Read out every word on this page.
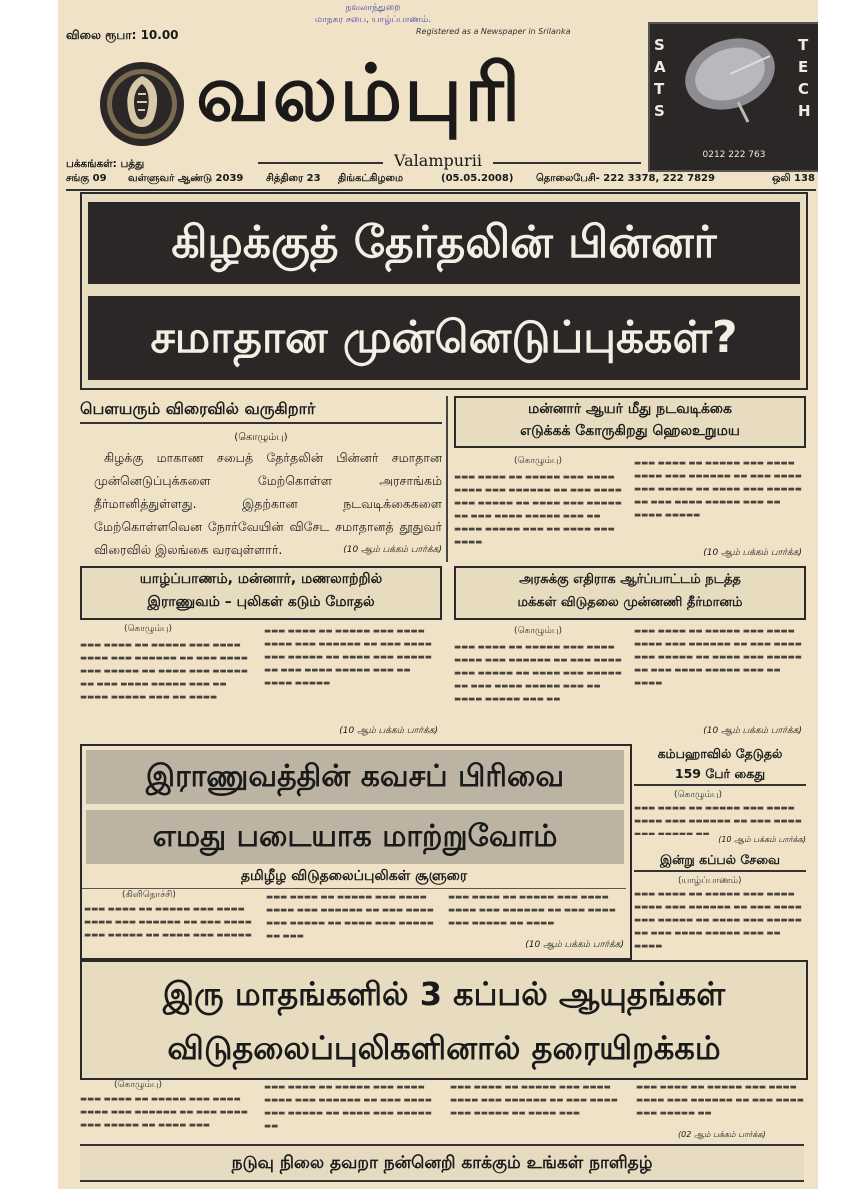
விலை ரூபா: 10.00
நவலாந்துறை
மாநகர சபை, யாழ்ப்பாணம்.
Registered as a Newspaper in Srilanka
வலம்புரி
Valampurii
பக்கங்கள்: பத்து
SATS
TECH
0212 222 763
சங்கு 09 வள்ளுவர் ஆண்டு 2039 சித்திரை 23 திங்கட்கிழமை	(05.05.2008) தொலைபேசி- 222 3378, 222 7829	ஒலி 138
கிழக்குத் தேர்தலின் பின்னர்
சமாதான முன்னெடுப்புக்கள்?
பெளயரும் விரைவில் வருகிறார்
(கொழும்பு)
கிழக்கு மாகாண சபைத் தேர்தலின் பின்னர் சமாதான முன்னெடுப்புக்களை மேற்கொள்ள அரசாங்கம் தீர்மானித்துள்ளது. இதற்கான நடவடிக்கைகளை மேற்கொள்ளவென நோர்வேயின் விசேட சமாதானத் தூதுவர் விரைவில் இலங்கை வரவுள்ளார்.	(10 ஆம் பக்கம் பார்க்க)
மன்னார் ஆயர் மீது நடவடிக்கை
எடுக்கக் கோருகிறது ஹெலஉறுமய
(கொழும்பு)
▬▬▬ ▬▬▬▬ ▬▬ ▬▬▬▬▬ ▬▬▬ ▬▬▬▬ ▬▬▬▬ ▬▬▬ ▬▬▬▬▬▬ ▬▬ ▬▬▬ ▬▬▬▬ ▬▬▬ ▬▬▬▬▬ ▬▬ ▬▬▬▬ ▬▬▬ ▬▬▬▬▬ ▬▬ ▬▬▬ ▬▬▬▬ ▬▬▬▬▬ ▬▬▬ ▬▬ ▬▬▬▬ ▬▬▬▬▬ ▬▬▬ ▬▬ ▬▬▬▬ ▬▬▬ ▬▬▬▬
▬▬▬ ▬▬▬▬ ▬▬ ▬▬▬▬▬ ▬▬▬ ▬▬▬▬ ▬▬▬▬ ▬▬▬ ▬▬▬▬▬▬ ▬▬ ▬▬▬ ▬▬▬▬ ▬▬▬ ▬▬▬▬▬ ▬▬ ▬▬▬▬ ▬▬▬ ▬▬▬▬▬ ▬▬ ▬▬▬ ▬▬▬▬ ▬▬▬▬▬ ▬▬▬ ▬▬ ▬▬▬▬ ▬▬▬▬▬
(10 ஆம் பக்கம் பார்க்க)
யாழ்ப்பாணம், மன்னார், மணலாற்றில்
இராணுவம் – புலிகள் கடும் மோதல்
(கொழும்பு)
▬▬▬ ▬▬▬▬ ▬▬ ▬▬▬▬▬ ▬▬▬ ▬▬▬▬ ▬▬▬▬ ▬▬▬ ▬▬▬▬▬▬ ▬▬ ▬▬▬ ▬▬▬▬ ▬▬▬ ▬▬▬▬▬ ▬▬ ▬▬▬▬ ▬▬▬ ▬▬▬▬▬ ▬▬ ▬▬▬ ▬▬▬▬ ▬▬▬▬▬ ▬▬▬ ▬▬ ▬▬▬▬ ▬▬▬▬▬ ▬▬▬ ▬▬ ▬▬▬▬
▬▬▬ ▬▬▬▬ ▬▬ ▬▬▬▬▬ ▬▬▬ ▬▬▬▬ ▬▬▬▬ ▬▬▬ ▬▬▬▬▬▬ ▬▬ ▬▬▬ ▬▬▬▬ ▬▬▬ ▬▬▬▬▬ ▬▬ ▬▬▬▬ ▬▬▬ ▬▬▬▬▬ ▬▬ ▬▬▬ ▬▬▬▬ ▬▬▬▬▬ ▬▬▬ ▬▬ ▬▬▬▬ ▬▬▬▬▬
(10 ஆம் பக்கம் பார்க்க)
அரசுக்கு எதிராக ஆர்ப்பாட்டம் நடத்த
மக்கள் விடுதலை முன்னணி தீர்மானம்
(கொழும்பு)
▬▬▬ ▬▬▬▬ ▬▬ ▬▬▬▬▬ ▬▬▬ ▬▬▬▬ ▬▬▬▬ ▬▬▬ ▬▬▬▬▬▬ ▬▬ ▬▬▬ ▬▬▬▬ ▬▬▬ ▬▬▬▬▬ ▬▬ ▬▬▬▬ ▬▬▬ ▬▬▬▬▬ ▬▬ ▬▬▬ ▬▬▬▬ ▬▬▬▬▬ ▬▬▬ ▬▬ ▬▬▬▬ ▬▬▬▬▬ ▬▬▬ ▬▬
▬▬▬ ▬▬▬▬ ▬▬ ▬▬▬▬▬ ▬▬▬ ▬▬▬▬ ▬▬▬▬ ▬▬▬ ▬▬▬▬▬▬ ▬▬ ▬▬▬ ▬▬▬▬ ▬▬▬ ▬▬▬▬▬ ▬▬ ▬▬▬▬ ▬▬▬ ▬▬▬▬▬ ▬▬ ▬▬▬ ▬▬▬▬ ▬▬▬▬▬ ▬▬▬ ▬▬ ▬▬▬▬
(10 ஆம் பக்கம் பார்க்க)
இராணுவத்தின் கவசப் பிரிவை
எமது படையாக மாற்றுவோம்
தமிழீழ விடுதலைப்புலிகள் சூளுரை
(கிளிநொச்சி)
▬▬▬ ▬▬▬▬ ▬▬ ▬▬▬▬▬ ▬▬▬ ▬▬▬▬ ▬▬▬▬ ▬▬▬ ▬▬▬▬▬▬ ▬▬ ▬▬▬ ▬▬▬▬ ▬▬▬ ▬▬▬▬▬ ▬▬ ▬▬▬▬ ▬▬▬ ▬▬▬▬▬
▬▬▬ ▬▬▬▬ ▬▬ ▬▬▬▬▬ ▬▬▬ ▬▬▬▬ ▬▬▬▬ ▬▬▬ ▬▬▬▬▬▬ ▬▬ ▬▬▬ ▬▬▬▬ ▬▬▬ ▬▬▬▬▬ ▬▬ ▬▬▬▬ ▬▬▬ ▬▬▬▬▬ ▬▬ ▬▬▬
▬▬▬ ▬▬▬▬ ▬▬ ▬▬▬▬▬ ▬▬▬ ▬▬▬▬ ▬▬▬▬ ▬▬▬ ▬▬▬▬▬▬ ▬▬ ▬▬▬ ▬▬▬▬ ▬▬▬ ▬▬▬▬▬ ▬▬ ▬▬▬▬
(10 ஆம் பக்கம் பார்க்க)
கம்பஹாவில் தேடுதல்
159 பேர் கைது
(கொழும்பு)
▬▬▬ ▬▬▬▬ ▬▬ ▬▬▬▬▬ ▬▬▬ ▬▬▬▬ ▬▬▬▬ ▬▬▬ ▬▬▬▬▬▬ ▬▬ ▬▬▬ ▬▬▬▬ ▬▬▬ ▬▬▬▬▬ ▬▬
(10 ஆம் பக்கம் பார்க்க)
இன்று கப்பல் சேவை
(யாழ்ப்பாணம்)
▬▬▬ ▬▬▬▬ ▬▬ ▬▬▬▬▬ ▬▬▬ ▬▬▬▬ ▬▬▬▬ ▬▬▬ ▬▬▬▬▬▬ ▬▬ ▬▬▬ ▬▬▬▬ ▬▬▬ ▬▬▬▬▬ ▬▬ ▬▬▬▬ ▬▬▬ ▬▬▬▬▬ ▬▬ ▬▬▬ ▬▬▬▬ ▬▬▬▬▬ ▬▬▬ ▬▬ ▬▬▬▬
இரு மாதங்களில் 3 கப்பல் ஆயுதங்கள்
விடுதலைப்புலிகளினால் தரையிறக்கம்
(கொழும்பு)
▬▬▬ ▬▬▬▬ ▬▬ ▬▬▬▬▬ ▬▬▬ ▬▬▬▬ ▬▬▬▬ ▬▬▬ ▬▬▬▬▬▬ ▬▬ ▬▬▬ ▬▬▬▬ ▬▬▬ ▬▬▬▬▬ ▬▬ ▬▬▬▬ ▬▬▬
▬▬▬ ▬▬▬▬ ▬▬ ▬▬▬▬▬ ▬▬▬ ▬▬▬▬ ▬▬▬▬ ▬▬▬ ▬▬▬▬▬▬ ▬▬ ▬▬▬ ▬▬▬▬ ▬▬▬ ▬▬▬▬▬ ▬▬ ▬▬▬▬ ▬▬▬ ▬▬▬▬▬ ▬▬
▬▬▬ ▬▬▬▬ ▬▬ ▬▬▬▬▬ ▬▬▬ ▬▬▬▬ ▬▬▬▬ ▬▬▬ ▬▬▬▬▬▬ ▬▬ ▬▬▬ ▬▬▬▬ ▬▬▬ ▬▬▬▬▬ ▬▬ ▬▬▬▬ ▬▬▬
▬▬▬ ▬▬▬▬ ▬▬ ▬▬▬▬▬ ▬▬▬ ▬▬▬▬ ▬▬▬▬ ▬▬▬ ▬▬▬▬▬▬ ▬▬ ▬▬▬ ▬▬▬▬ ▬▬▬ ▬▬▬▬▬ ▬▬
(02 ஆம் பக்கம் பார்க்க)
நடுவு நிலை தவறா நன்னெறி காக்கும் உங்கள் நாளிதழ்
